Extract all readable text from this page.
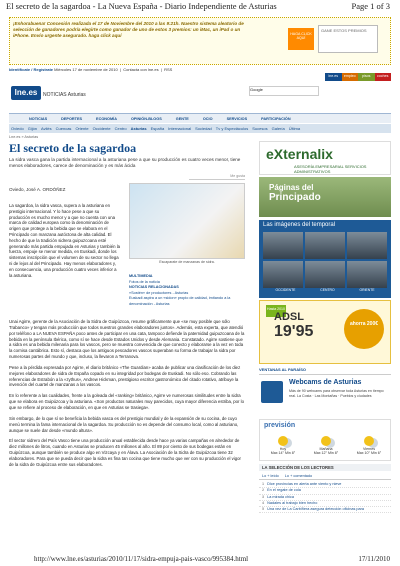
El secreto de la sagardoa - La Nueva España - Diario Independiente de Asturias	Page 1 of 3
¡Enhorabuena! Concesión realizada el 17 de Noviembre del 2010 a las 9:21h. Nuestro sistema aleatorio de selección de ganadores podría elegirte como ganador de uno de estos 3 premios: un iMac, un iPad o un iPhone. Envío urgente asegurado. haga click aquí	HAGA CLICK AQUÍ
GANE ESTOS PREMIOS
Identifícate / Regístrate Miércoles 17 de noviembre de 2010  |  Contacta con lne.es  |  RSS
lne.es	empleo	pisos	coches
lne.es	NOTICIAS Asturias
Google
NOTICIAS	DEPORTES	ECONOMÍA	OPINIÓN-BLOGS	GENTE	OCIO	SERVICIOS	PARTICIPACIÓN
Oviedo Gijón Avilés Cuencas Oriente Occidente Centro Asturias España Internacional Sociedad Tv y Espectáculos Sucesos Galería Última
Lne.es » Asturias
El secreto de la sagardoa
La sidra vasca gana la partida internacional a la asturiana pese a que su producción es cuatro veces menor, tiene menos elaboradores, carece de denominación y es más ácida
Me gusta
Escaparate de manzanas de sidra.
Oviedo, José A. ORDÓÑEZ
La sagardoa, la sidra vasca, supera a la asturiana en prestigio internacional. Y lo hace pese a que su producción es mucho menor y a que no cuenta con una marca de calidad europea como la denominación de origen que protege a la bebida que se elabora en el Principado con manzana autóctona de alta calidad. El hecho de que la tradición sidrera guipuzcoana esté generando más partida empujada en Asturias y también la fuerza, empuje se menor medida, en Euskadi, donde los sistemas inscripción que el volumen de su sector no llega ni de lejos al del Principado. Hay menos elaboradores y, en consecuencia, una producción cuatro veces inferior a la asturiana.	MULTIMEDIA
Fotos de la noticia
NOTICIAS RELACIONADAS
«Sostén» de productores - Asturias
Euskadi aspira a un «sidon» propio de calidad, imitando a la denominación - Asturias

Unai Agirre, gerente de la Asociación de la Sidra de Guipúzcoa, resume gráficamente que «se muy posible que sólo Trabanco» y tengan más producción que todos nuestros grandes elaboradores juntos». Además, esta experta, que atendió por teléfono a LA NUEVA ESPAÑA poco antes de participar en una cata, tampoco defiende la paternidad guipuzcoana de la bebida en la península Ibérica, como sí se hace desde Estados Unidos y desde Alemania. Constatado. Agirre sostiene que a sidra es una bebida milenaria para los vascos, pero se muestra convencida de que conecto y elaborarse a la vez en toda la cornisa cantábrica. Esto sí, destaca que los antiguos pescadores vascos superaban su forma de trabajar la sidra por numerosas partes del mundo y que, incluso, la llevaron a Terranova.

Pese a la pérdida expresada por Agirre, el diario británico «The Guardian» acaba de publicar una clasificación de los diez mejores elaboradores de sidra de España copado en su integridad por bodegas de Euskadi. No sólo eso. Cobrando las referencias de Estrabón a la «zythus», Andrew Hickman, prestigioso escritor gastronómico del citado rotativo, atribuye la invención del cuartel de manzanas a los vascos.

En lo referente a las cualidades, frente a la goleada del «ranking» británico, Agirre ve numerosas similitudes entre la sidra que se elabora en Guipúzcoa y la asturiana. «Son productos naturales muy parecidos, cuya mayor diferencia estriba, por lo que se refiere al proceso de elaboración, en que en Asturias se trasiega».

Sin embargo, de lo que sí se beneficia la bebida vasca es del prestigio mundial y de la expansión de su cocina, de cuyo menú termina la fama internacional de la sagardoa. Su producción no es depende del consumo local, como al asturiano, aunque se suele dar desde «mundo altura».

El sector sidrero del País Vasco tiene una producción anual establecida desde hace ya varias campañas en alrededor de diez millones de litros, cuando en Asturias se producen 45 millones al año. El 89 por ciento de sus bodegas están en Guipúzcoa, aunque también se produce algo en Vizcaya y en Álava. La Asociación de la Sidra de Guipúzcoa tiene 32 elaboradores. Para que se pueda decir que la sidra es fina tan cocina que tiene mucho que ver con su producción el vigor de la sidra de Guipúzcoa entre sus elaboradores.

eXternalix
ASESORÍA EMPRESARIAL SERVICIOS ADMINISTRATIVOS
Páginas del
Principado
Las imágenes del temporal
OCCIDENTE	CENTRO	ORIENTE
Hasta 2010
ADSL
19'95	ahorra 200€
VENTANAS AL PARAÍSO
Webcams de Asturias
Más de 90 webcams para observar toda Asturias en tiempo real. La Costa · Las Montañas · Pueblos y ciudades
previsión
Hoy
Max 14° Min 8°
Mañana
Max 12° Min 8°
Viernes
Max 10° Min 6°
LA SELECCIÓN DE LOS LECTORES
Lo + leído Lo + comentado
1 Dlce provincias en alerta ante viento y nieve
2 En el regate de cola
3 La mirada chica
4 Nadales al trabajo bien hecho
5 Una vez de La Carbiñera asegura detección oficinas para
http://www.lne.es/asturias/2010/11/17/sidra-empuja-pais-vasco/995384.html	17/11/2010
